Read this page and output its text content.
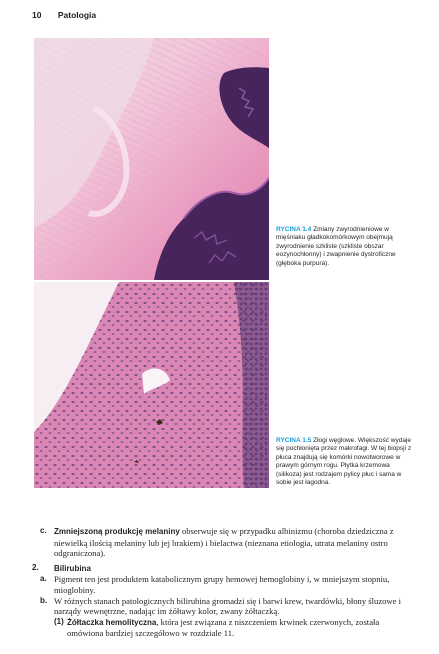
10 Patologia
RYCINA 1.4 Zmiany zwyrodnieniowe w mięśniaku gładkokomórkowym obejmują zwyrodnienie szkliste (szkliste obszar eozynochłonny) i zwapnienie dystroficzne (głęboka purpura).
RYCINA 1.5 Złogi węglowe. Większość wydaje się pochłonięta przez makrofagi. W tej biopsji z płuca znajdują się komórki nowotworowe w prawym górnym rogu. Płytka krzemowa (silikoza) jest rodzajem pylicy płuc i sama w sobie jest łagodna.

c. Zmniejszoną produkcję melaniny obserwuje się w przypadku albinizmu (choroba dziedziczna z niewielką ilością melaniny lub jej brakiem) i bielactwa (nieznana etiologia, utrata melaniny ostro odgraniczona).

2. Bilirubina

a. Pigment ten jest produktem katabolicznym grupy hemowej hemoglobiny i, w mniejszym stopniu, mioglobiny.

b. W różnych stanach patologicznych bilirubina gromadzi się i barwi krew, twardówki, błony śluzowe i narządy wewnętrzne, nadając im żółtawy kolor, zwany żółtaczką.

(1) Żółtaczka hemolityczna, która jest związana z niszczeniem krwinek czerwonych, została omówiona bardziej szczegółowo w rozdziale 11.
